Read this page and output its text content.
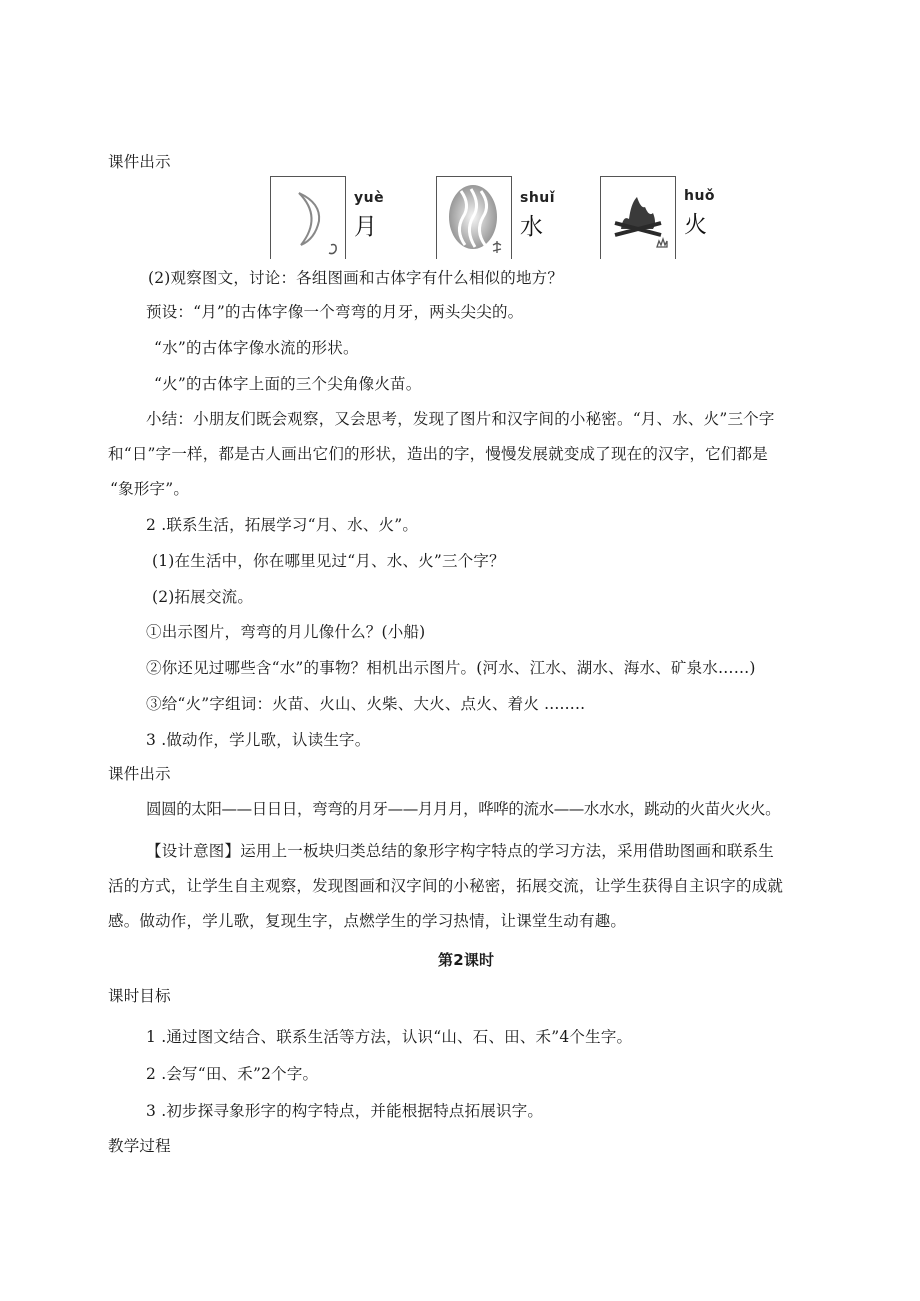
课件出示
yuè
月
shuǐ
水
huǒ
火
(2)观察图文，讨论：各组图画和古体字有什么相似的地方？
预设：“月”的古体字像一个弯弯的月牙，两头尖尖的。
“水”的古体字像水流的形状。
“火”的古体字上面的三个尖角像火苗。
小结：小朋友们既会观察，又会思考，发现了图片和汉字间的小秘密。“月、水、火”三个字
和“日”字一样，都是古人画出它们的形状，造出的字，慢慢发展就变成了现在的汉字，它们都是
“象形字”。
2 .联系生活，拓展学习“月、水、火”。
(1)在生活中，你在哪里见过“月、水、火”三个字？
(2)拓展交流。
①出示图片，弯弯的月儿像什么？(小船)
②你还见过哪些含“水”的事物？相机出示图片。(河水、江水、湖水、海水、矿泉水……)
③给“火”字组词：火苗、火山、火柴、大火、点火、着火 ........
3 .做动作，学儿歌，认读生字。
课件出示
圆圆的太阳——日日日，弯弯的月牙——月月月，哗哗的流水——水水水，跳动的火苗火火火。
【设计意图】运用上一板块归类总结的象形字构字特点的学习方法，采用借助图画和联系生
活的方式，让学生自主观察，发现图画和汉字间的小秘密，拓展交流，让学生获得自主识字的成就
感。做动作，学儿歌，复现生字，点燃学生的学习热情，让课堂生动有趣。
第2课时
课时目标
1 .通过图文结合、联系生活等方法，认识“山、石、田、禾”4个生字。
2 .会写“田、禾”2个字。
3 .初步探寻象形字的构字特点，并能根据特点拓展识字。
教学过程
